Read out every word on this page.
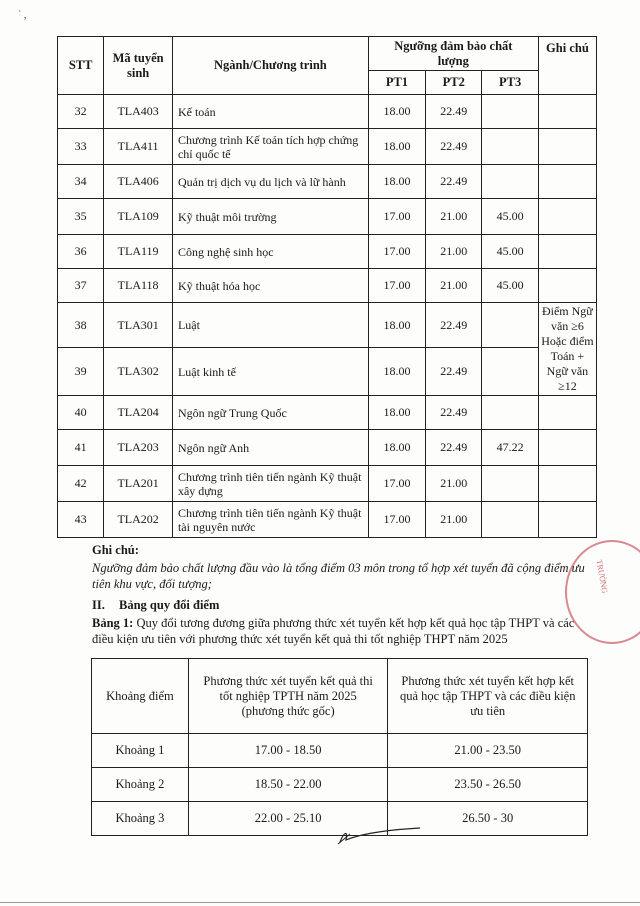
` ,
STT	Mã tuyển sinh	Ngành/Chương trình	Ngưỡng đảm bảo chất lượng			Ghi chú
			PT1	PT2	PT3	
32	TLA403	Kế toán	18.00	22.49		
33	TLA411	Chương trình Kế toán tích hợp chứng chỉ quốc tế	18.00	22.49		
34	TLA406	Quản trị dịch vụ du lịch và lữ hành	18.00	22.49		
35	TLA109	Kỹ thuật môi trường	17.00	21.00	45.00	
36	TLA119	Công nghệ sinh học	17.00	21.00	45.00	
37	TLA118	Kỹ thuật hóa học	17.00	21.00	45.00	
38	TLA301	Luật	18.00	22.49		Điểm Ngữ văn ≥6
Hoặc điểm Toán + Ngữ văn ≥12

39	TLA302	Luật kinh tế	18.00	22.49		
40	TLA204	Ngôn ngữ Trung Quốc	18.00	22.49		
41	TLA203	Ngôn ngữ Anh	18.00	22.49	47.22	
42	TLA201	Chương trình tiên tiến ngành Kỹ thuật xây dựng	17.00	21.00		
43	TLA202	Chương trình tiên tiến ngành Kỹ thuật tài nguyên nước	17.00	21.00		
Ghi chú:
Ngưỡng đảm bảo chất lượng đầu vào là tổng điểm 03 môn trong tổ hợp xét tuyển đã cộng điểm ưu tiên khu vực, đối tượng;
II. Bảng quy đổi điểm
Bảng 1: Quy đổi tương đương giữa phương thức xét tuyển kết hợp kết quả học tập THPT và các điều kiện ưu tiên với phương thức xét tuyển kết quả thi tốt nghiệp THPT năm 2025
Khoảng điểm	Phương thức xét tuyển kết quả thi tốt nghiệp TPTH năm 2025 (phương thức gốc)	Phương thức xét tuyển kết hợp kết quả học tập THPT và các điều kiện ưu tiên
Khoảng 1	17.00 - 18.50	21.00 - 23.50
Khoảng 2	18.50 - 22.00	23.50 - 26.50
Khoảng 3	22.00 - 25.10	26.50 - 30
TRƯỜNG
